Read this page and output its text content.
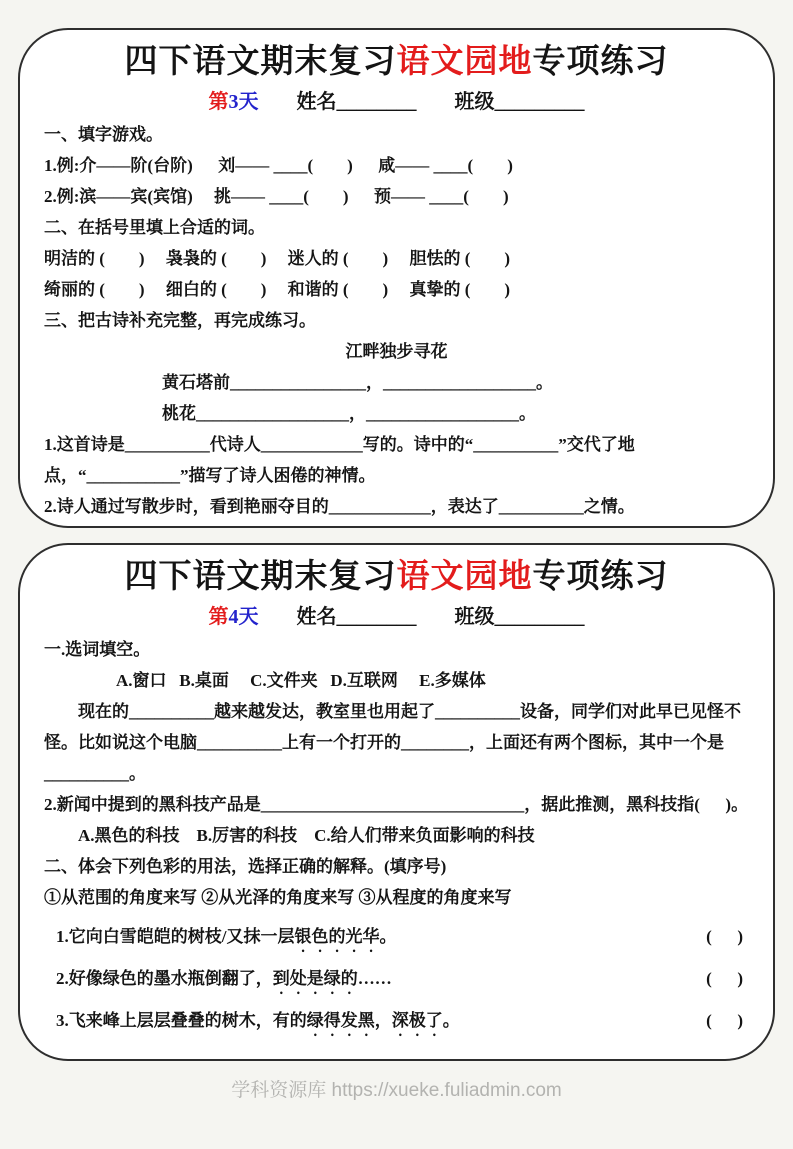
四下语文期末复习语文园地专项练习
第3天 姓名________ 班级_________

一、填字游戏。

1.例:介——阶(台阶)      刘—— ____(        )      咸—— ____(        )

2.例:滨——宾(宾馆)     挑—— ____(        )      预—— ____(        )

二、在括号里填上合适的词。

明洁的 (        )     袅袅的 (        )     迷人的 (        )     胆怯的 (        )

绮丽的 (        )     细白的 (        )     和谐的 (        )     真挚的 (        )

三、把古诗补充完整，再完成练习。

江畔独步寻花

黄石塔前________________，__________________。

桃花__________________，__________________。

1.这首诗是__________代诗人____________写的。诗中的“__________”交代了地点，“___________”描写了诗人困倦的神情。

2.诗人通过写散步时，看到艳丽夺目的____________，表达了__________之情。

四下语文期末复习语文园地专项练习
第4天 姓名________ 班级_________

一.选词填空。

A.窗口   B.桌面     C.文件夹   D.互联网     E.多媒体

现在的__________越来越发达，教室里也用起了__________设备，同学们对此早已见怪不怪。比如说这个电脑__________上有一个打开的________，上面还有两个图标，其中一个是__________。

2.新闻中提到的黑科技产品是_______________________________，据此推测，黑科技指(      )。

A.黑色的科技    B.厉害的科技    C.给人们带来负面影响的科技

二、体会下列色彩的用法，选择正确的解释。(填序号)

①从范围的角度来写 ②从光泽的角度来写 ③从程度的角度来写

1.它向白雪皑皑的树枝/又抹一层银色的光华。	(      )
2.好像绿色的墨水瓶倒翻了，到处是绿的……	(      )
3.飞来峰上层层叠叠的树木，有的绿得发黑，深极了。	(      )
学科资源库 https://xueke.fuliadmin.com
